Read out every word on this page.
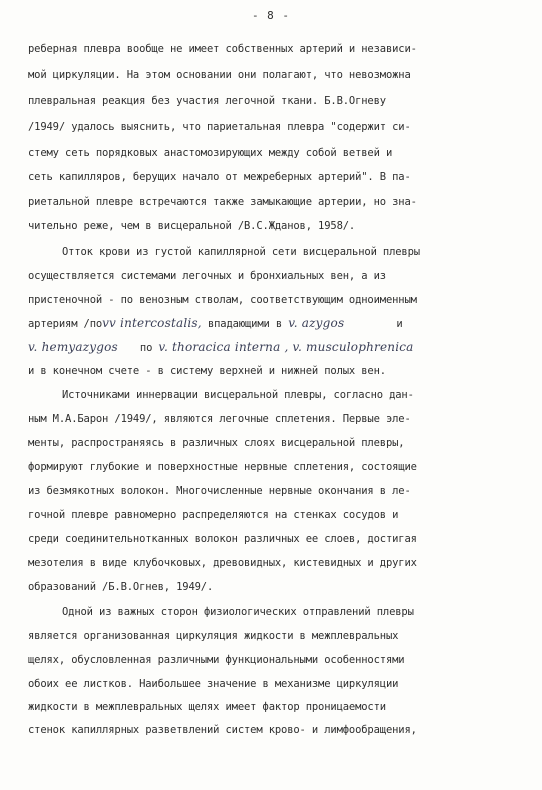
- 8 -
реберная плевра вообще не имеет собственных артерий и независи-
мой циркуляции. На этом основании они полагают, что невозможна
плевральная реакция без участия легочной ткани. Б.В.Огневу
/1949/ удалось выяснить, что париетальная плевра "содержит си-
стему сеть порядковых анастомозирующих между собой ветвей и
сеть капилляров, берущих начало от межреберных артерий". В па-
риетальной плевре встречаются также замыкающие артерии, но зна-
чительно реже, чем в висцеральной /В.С.Жданов, 1958/.
Отток крови из густой капиллярной сети висцеральной плевры
осуществляется системами легочных и бронхиальных вен, а из
пристеночной - по венозным стволам, соответствующим одноименным
артериям /поvv intercostalis, впадающими в v. azygos	и
v. hemyazygos по v. thoracica interna , v. musculophrenica
и в конечном счете - в систему верхней и нижней полых вен.
Источниками иннервации висцеральной плевры, согласно дан-
ным М.А.Барон /1949/, являются легочные сплетения. Первые эле-
менты, распространяясь в различных слоях висцеральной плевры,
формируют глубокие и поверхностные нервные сплетения, состоящие
из безмякотных волокон. Многочисленные нервные окончания в ле-
гочной плевре равномерно распределяются на стенках сосудов и
среди соединительнотканных волокон различных ее слоев, достигая
мезотелия в виде клубочковых, древовидных, кистевидных и других
образований /Б.В.Огнев, 1949/.
Одной из важных сторон физиологических отправлений плевры
является организованная циркуляция жидкости в межплевральных
щелях, обусловленная различными функциональными особенностями
обоих ее листков. Наибольшее значение в механизме циркуляции
жидкости в межплевральных щелях имеет фактор проницаемости
стенок капиллярных разветвлений систем крово- и лимфообращения,
